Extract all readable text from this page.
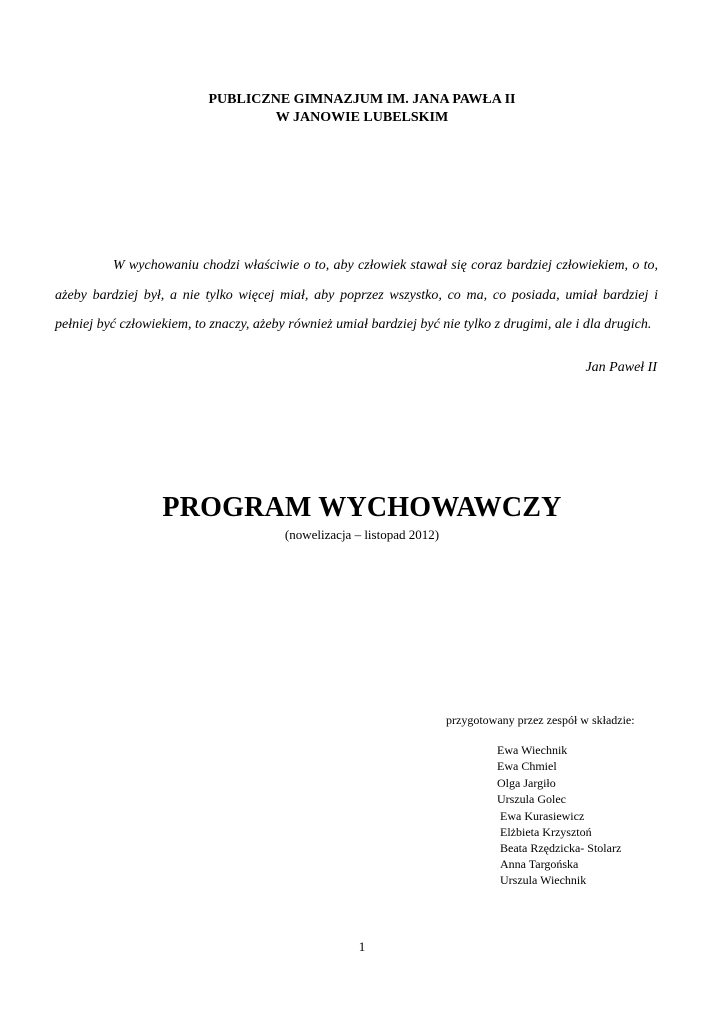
PUBLICZNE GIMNAZJUM IM. JANA PAWŁA II
W JANOWIE LUBELSKIM

W wychowaniu chodzi właściwie o to, aby człowiek stawał się coraz bardziej człowiekiem, o to, ażeby bardziej był, a nie tylko więcej miał, aby poprzez wszystko, co ma, co posiada, umiał bardziej i pełniej być człowiekiem, to znaczy, ażeby również umiał bardziej być nie tylko z drugimi, ale i dla drugich.

Jan Paweł II
PROGRAM WYCHOWAWCZY
(nowelizacja – listopad 2012)
przygotowany przez zespół w składzie:
Ewa Wiechnik
Ewa Chmiel
Olga Jargiło
Urszula Golec
Ewa Kurasiewicz
Elżbieta Krzysztoń
Beata Rzędzicka- Stolarz
Anna Targońska
Urszula Wiechnik
1
